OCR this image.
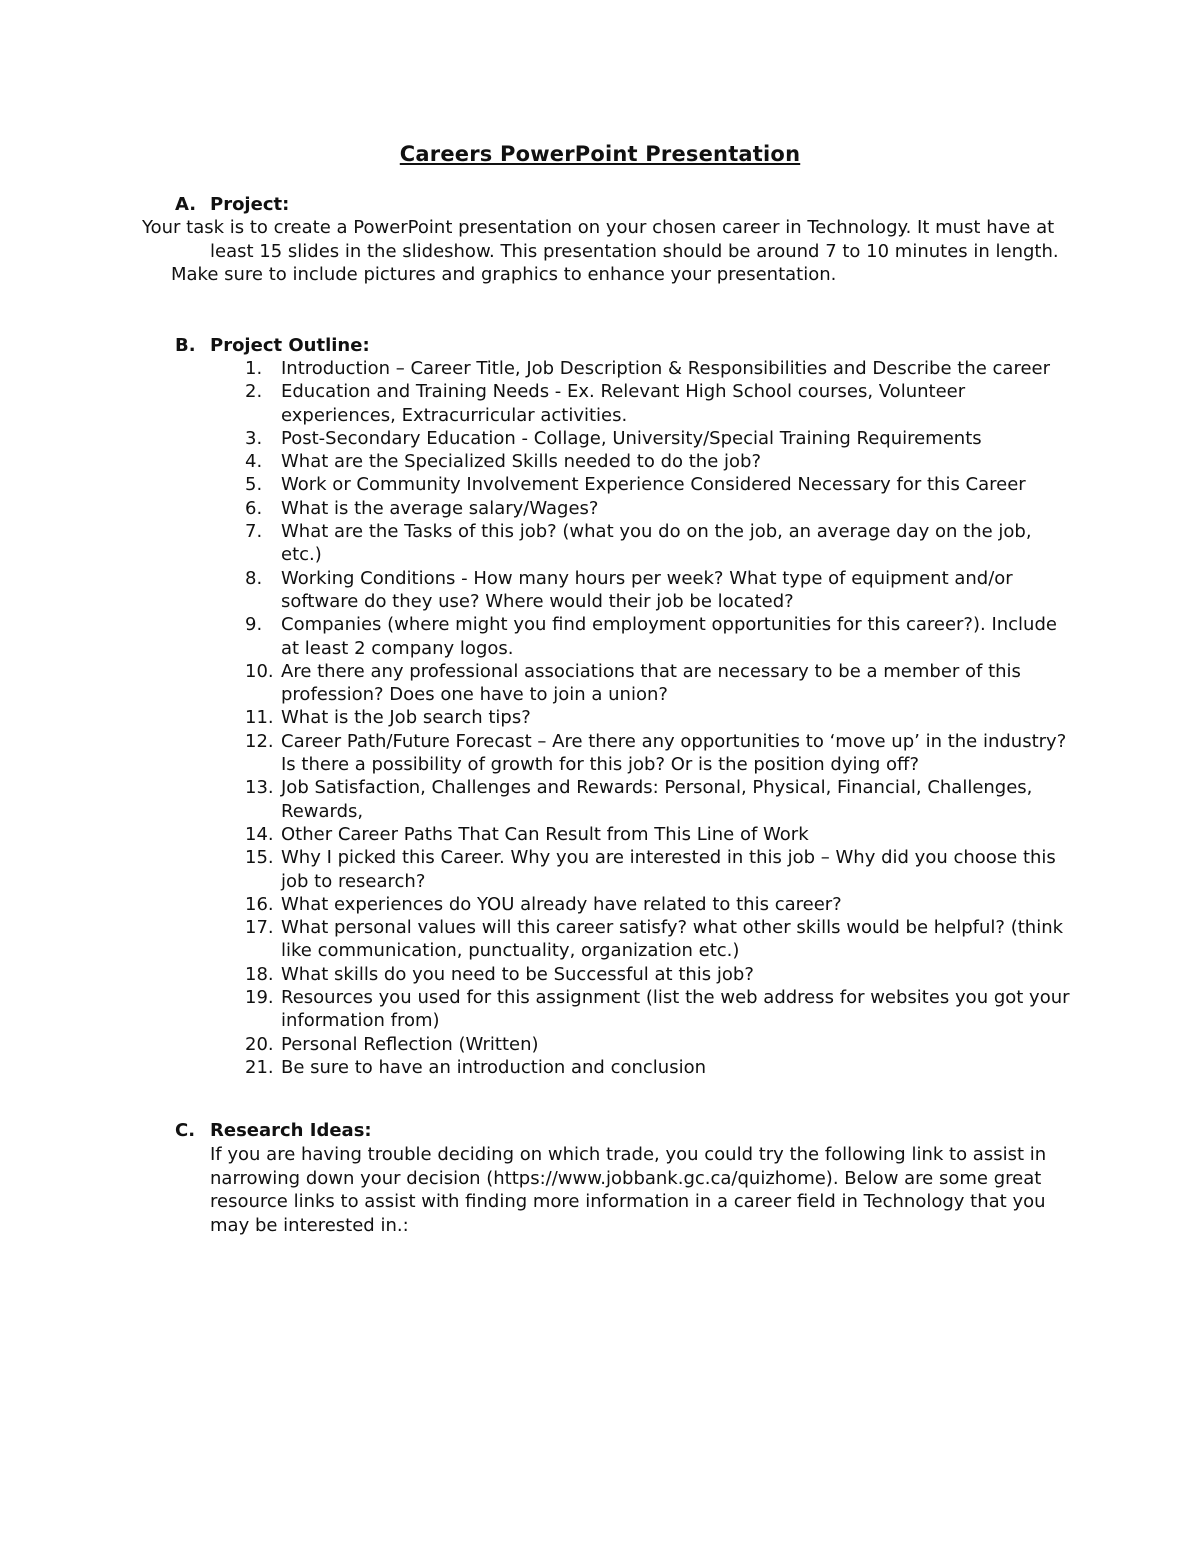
Careers PowerPoint Presentation
A. Project:
Your task is to create a PowerPoint presentation on your chosen career in Technology. It must have at
least 15 slides in the slideshow. This presentation should be around 7 to 10 minutes in length.
Make sure to include pictures and graphics to enhance your presentation.
B. Project Outline:
1.	Introduction – Career Title, Job Description & Responsibilities and Describe the career
2.	Education and Training Needs - Ex. Relevant High School courses, Volunteer experiences, Extracurricular activities.
3.	Post-Secondary Education - Collage, University/Special Training Requirements
4.	What are the Specialized Skills needed to do the job?
5.	Work or Community Involvement Experience Considered Necessary for this Career
6.	What is the average salary/Wages?
7.	What are the Tasks of this job? (what you do on the job, an average day on the job, etc.)
8.	Working Conditions - How many hours per week? What type of equipment and/or software do they use? Where would their job be located?
9.	Companies (where might you find employment opportunities for this career?). Include at least 2 company logos.
10. Are there any professional associations that are necessary to be a member of this profession? Does one have to join a union?
11. What is the Job search tips?
12. Career Path/Future Forecast – Are there any opportunities to ‘move up’ in the industry? Is there a possibility of growth for this job? Or is the position dying off?
13. Job Satisfaction, Challenges and Rewards: Personal, Physical, Financial, Challenges, Rewards,
14. Other Career Paths That Can Result from This Line of Work
15. Why I picked this Career. Why you are interested in this job – Why did you choose this job to research?
16. What experiences do YOU already have related to this career?
17. What personal values will this career satisfy? what other skills would be helpful? (think like communication, punctuality, organization etc.)
18. What skills do you need to be Successful at this job?
19. Resources you used for this assignment (list the web address for websites you got your information from)
20. Personal Reflection (Written)
21. Be sure to have an introduction and conclusion
C. Research Ideas:

If you are having trouble deciding on which trade, you could try the following link to assist in narrowing down your decision (https://www.jobbank.gc.ca/quizhome). Below are some great resource links to assist with finding more information in a career field in Technology that you may be interested in.:
